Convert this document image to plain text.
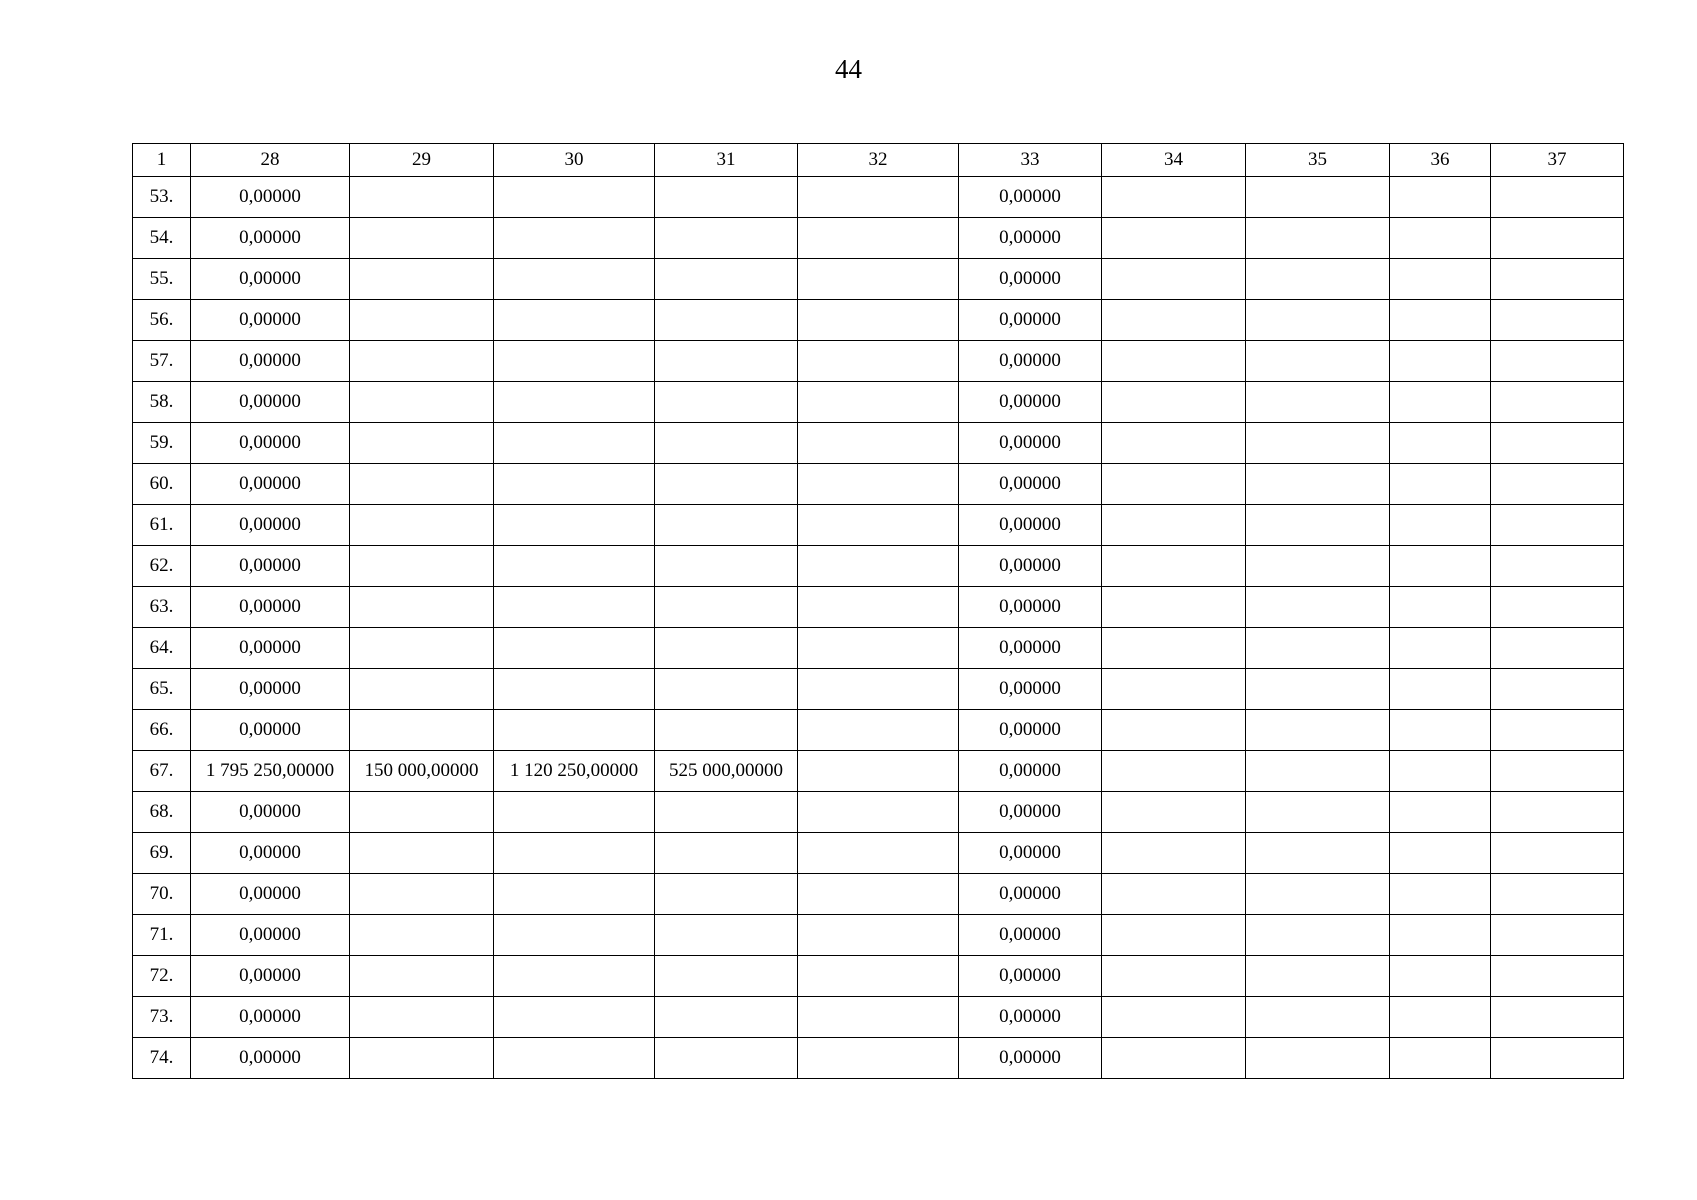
44
1	28	29	30	31	32	33	34	35	36	37
53.	0,00000					0,00000				
54.	0,00000					0,00000				
55.	0,00000					0,00000				
56.	0,00000					0,00000				
57.	0,00000					0,00000				
58.	0,00000					0,00000				
59.	0,00000					0,00000				
60.	0,00000					0,00000				
61.	0,00000					0,00000				
62.	0,00000					0,00000				
63.	0,00000					0,00000				
64.	0,00000					0,00000				
65.	0,00000					0,00000				
66.	0,00000					0,00000				
67.	1 795 250,00000	150 000,00000	1 120 250,00000	525 000,00000		0,00000				
68.	0,00000					0,00000				
69.	0,00000					0,00000				
70.	0,00000					0,00000				
71.	0,00000					0,00000				
72.	0,00000					0,00000				
73.	0,00000					0,00000				
74.	0,00000					0,00000				
